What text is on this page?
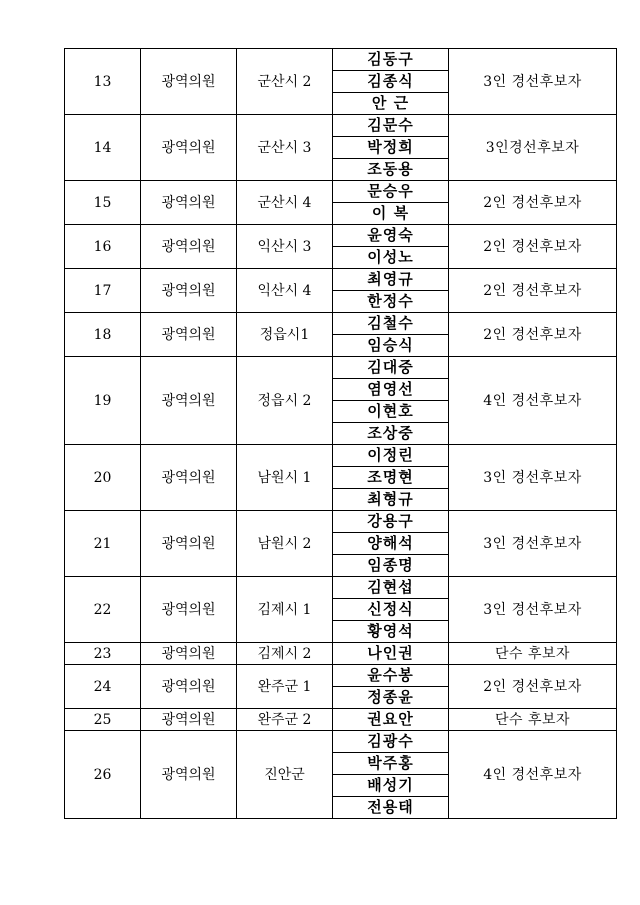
13	광역의원	군산시 2	김동구	3인 경선후보자
			김종식	
			안 근	
14	광역의원	군산시 3	김문수	3인경선후보자
			박정희	
			조동용	
15	광역의원	군산시 4	문승우	2인 경선후보자
			이 복	
16	광역의원	익산시 3	윤영숙	2인 경선후보자
			이성노	
17	광역의원	익산시 4	최영규	2인 경선후보자
			한정수	
18	광역의원	정읍시1	김철수	2인 경선후보자
			임승식	
19	광역의원	정읍시 2	김대중	4인 경선후보자
			염영선	
			이현호	
			조상중	
20	광역의원	남원시 1	이정린	3인 경선후보자
			조명현	
			최형규	
21	광역의원	남원시 2	강용구	3인 경선후보자
			양해석	
			임종명	
22	광역의원	김제시 1	김현섭	3인 경선후보자
			신정식	
			황영석	
23	광역의원	김제시 2	나인권	단수 후보자
24	광역의원	완주군 1	윤수봉	2인 경선후보자
			정종윤	
25	광역의원	완주군 2	권요안	단수 후보자
26	광역의원	진안군	김광수	4인 경선후보자
			박주홍	
			배성기	
			전용태	
